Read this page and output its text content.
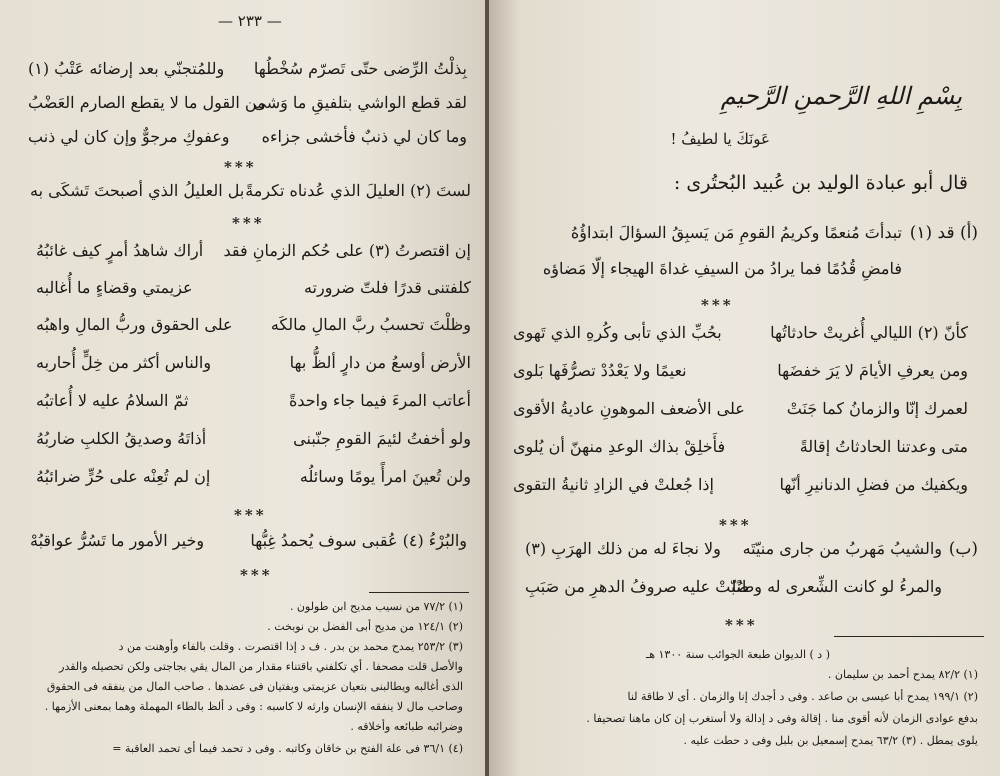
— ٢٣٣ —
بِذلْتُ الرِّضى حتّى تَصرّم سُخْطُها
وللمُتجنّي بعد إرضائه عَتْبُ (١)
لقد قطع الواشي بتلفيقِ ما وَشى
من القول ما لا يقطع الصارم العَضْبُ
وما كان لي ذنبٌ فأخشى جزاءه
وعفوكِ مرجوٌّ وإن كان لي ذنب
***
لستَ (٢) العليلَ الذي عُدناه تكرمةً
بل العليلُ الذي أصبحتَ تَشكَى به
***
إن اقتصرتُ (٣) على حُكم الزمانِ فقد
أراك شاهدُ أمرٍ كيف غائبُهُ
كلفتنى قدرًا فلتّ ضرورته
عزيمتي وقضاءٍ ما أُغالبه
وظلْتَ تحسبُ ربَّ المالِ مالكَه
على الحقوق وربُّ المالِ واهبُه
الأرض أوسعُ من دارٍ ألظُّ بها
والناس أكثر من خِلٍّ أُحاربه
أعاتب المرءَ فيما جاء واحدةً
ثمّ السلامُ عليه لا أُعاتبُه
ولو أخفتُ لئيمَ القومِ جنّبنى
أذاتَهُ وصديقُ الكلبِ ضاربُهُ
ولن تُعينَ امرأً يومًا وسائلُه
إن لم تُعِنْه على حُرٍّ ضرائبُهُ
***
والبُرْءُ (٤) عُقبى سوف يُحمدُ غِبُّها
وخير الأمور ما تَسُرُّ عواقبُهْ
***
(١) ٧٧/٢ من نسيب مديح ابن طولون .
(٢) ١٢٤/١ من مديح أبى الفضل بن نوبخت .
(٣) ٢٥٣/٢ يمدح محمد بن بدر . ف د إذا اقتصرت . وقلت بالفاء وأوهنت من د
والأصل قلت مصحفا . أي تكلفني باقتناء مقدار من المال يقي بجاجتى ولكن تحصيله والقدر
الذى أغالبه ويطالبنى بتعيان عزيمتى وبفتيان فى عضدها . صاحب المال من ينفقه فى الحقوق
وصاحب مال لا ينفقه الإنسان وارثه لا كاسبه : وفى د ألظ بالطاء المهملة وهما بمعنى الأزمها .
وضرائبه طبائعه وأخلاقه .
(٤) ٣٦/١ فى علة الفتح بن خاقان وكاتبه . وفى د تحمد فيما أى تحمد العاقبة =
بِسْمِ اللهِ الرَّحمنِ الرَّحيمِ
عَونَكَ يا لطيفُ !
قال أبو عبادة الوليد بن عُبيد البُحتُرى :
(أ) قد (١)
تبدأتَ مُنعمًا وكريمُ القومِ مَن يَسبِقُ السؤالَ ابتداؤُهُ
فامضِ قُدُمًا فما يرادُ من السيفِ غداةَ الهيجاء إلّا مَضاؤه
***
كأنّ (٢) الليالي أُغريتْ حادثاتُها
بحُبِّ الذي تأبى وكُرهِ الذي تَهوى
ومن يعرفِ الأيامَ لا يَرَ خفضَها
نعيمًا ولا يَعْدُدْ تصرُّفَها بَلوى
لعمرك إنّا والزمانُ كما جَنَتْ
على الأضعف الموهونِ عاديةُ الأقوى
متى وعدتنا الحادثاتُ إقالةً
فأَخلِقْ بذاك الوعدِ منهنّ أن يُلوى
ويكفيك من فضلِ الدنانيرِ أنّها
إذا جُعلتْ في الزادِ ثانيةُ التقوى
***
(ب)
والشيبُ مَهربُ من جارى منيّتَه
ولا نجاءَ له من ذلك الهرَبِ (٣)
والمرءُ لو كانت الشِّعرى له وطنًا
صُبّتْ عليه صروفُ الدهرِ من صَبَبِ
***
( د ) الديوان طبعة الجوائب سنة ١٣٠٠ هـ
(١) ٨٢/٢ يمدح أحمد بن سليمان .
(٢) ١٩٩/١ يمدح أبا عيسى بن صاعد . وفى د أجدك إنا والزمان . أى لا طاقة لنا
بدفع عوادى الزمان لأنه أقوى منا . إقالة وفى د إدالة ولا أستغرب إن كان ماهنا تصحيفا .
يلوى يمطل . (٣) ٦٣/٢ يمدح إسمعيل بن بلبل وفى د حطت عليه .
